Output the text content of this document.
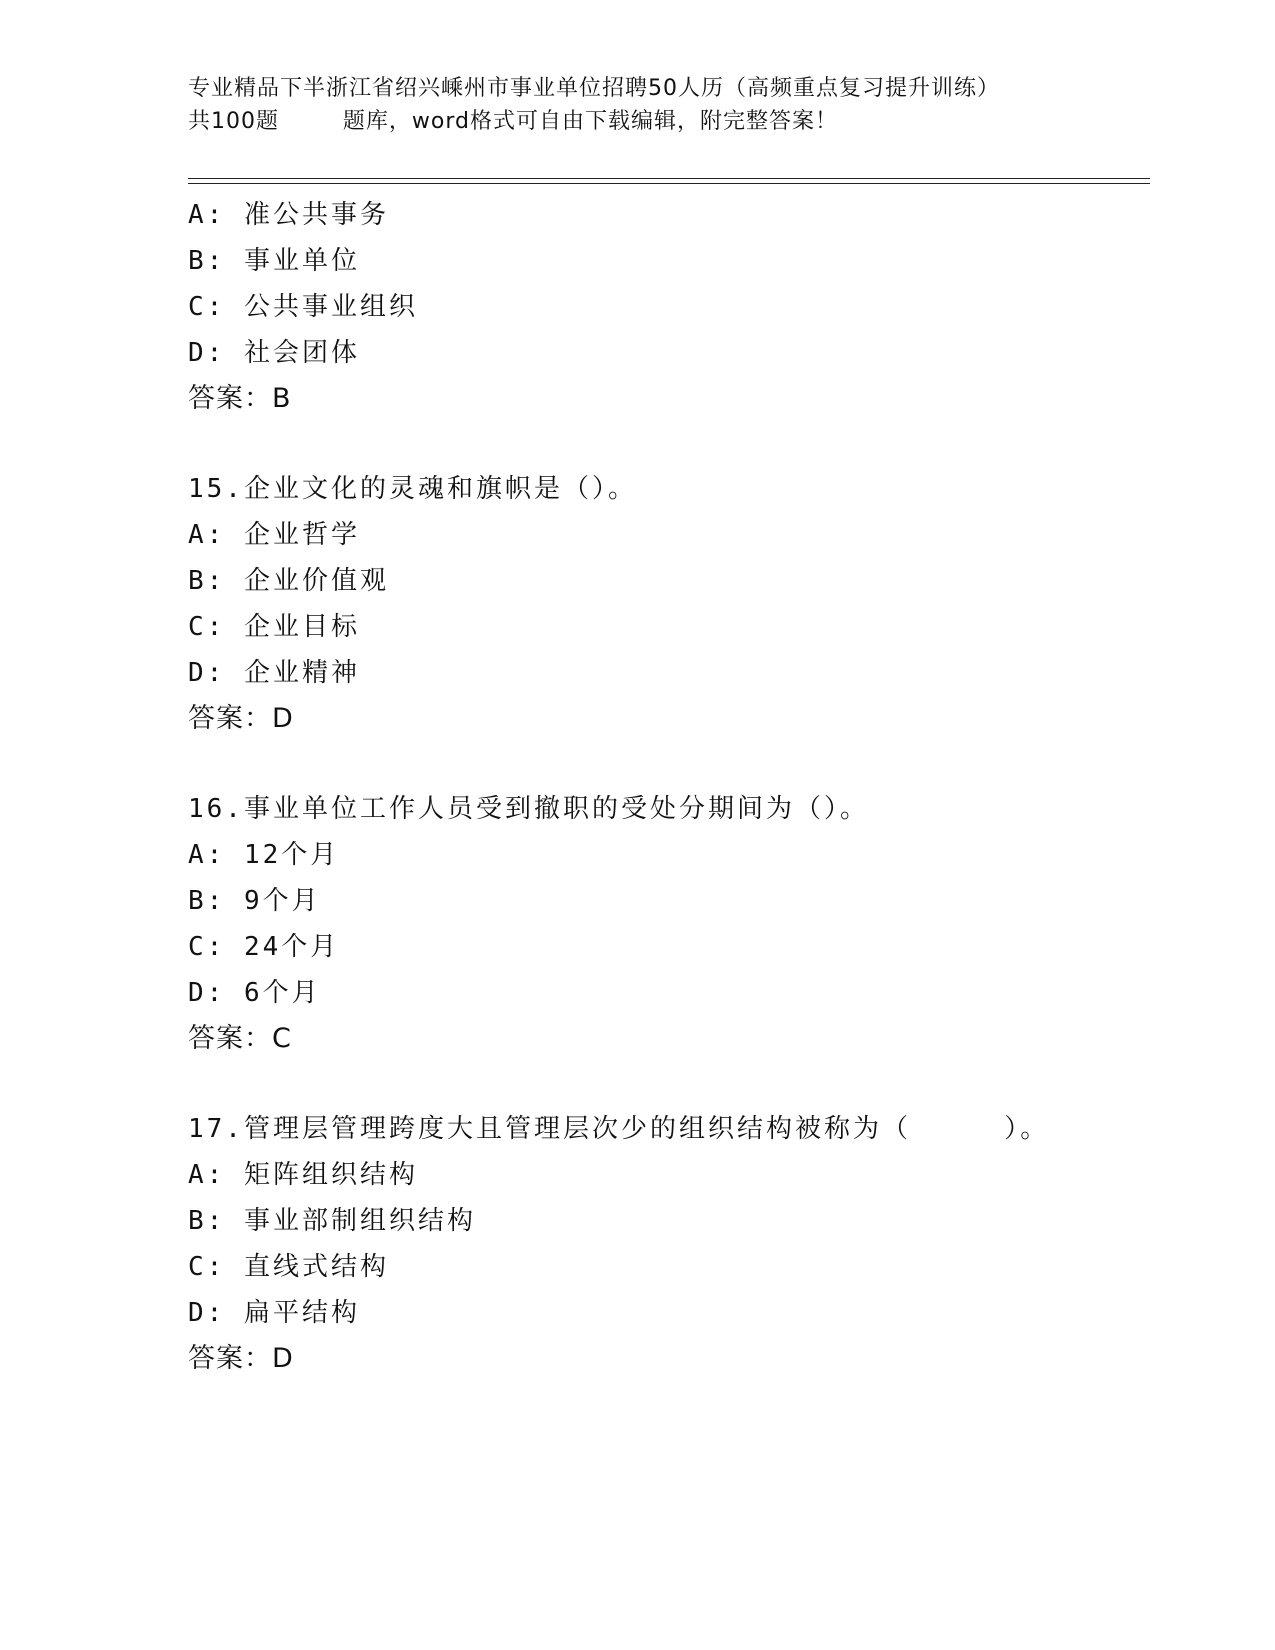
专业精品下半浙江省绍兴嵊州市事业单位招聘50人历（高频重点复习提升训练）
共100题        题库，word格式可自由下载编辑，附完整答案！
A: 准公共事务
B: 事业单位
C: 公共事业组织
D: 社会团体
答案：B
15.企业文化的灵魂和旗帜是（）。
A: 企业哲学
B: 企业价值观
C: 企业目标
D: 企业精神
答案：D
16.事业单位工作人员受到撤职的受处分期间为（）。
A: 12个月
B: 9个月
C: 24个月
D: 6个月
答案：C
17.管理层管理跨度大且管理层次少的组织结构被称为（     ）。
A: 矩阵组织结构
B: 事业部制组织结构
C: 直线式结构
D: 扁平结构
答案：D
